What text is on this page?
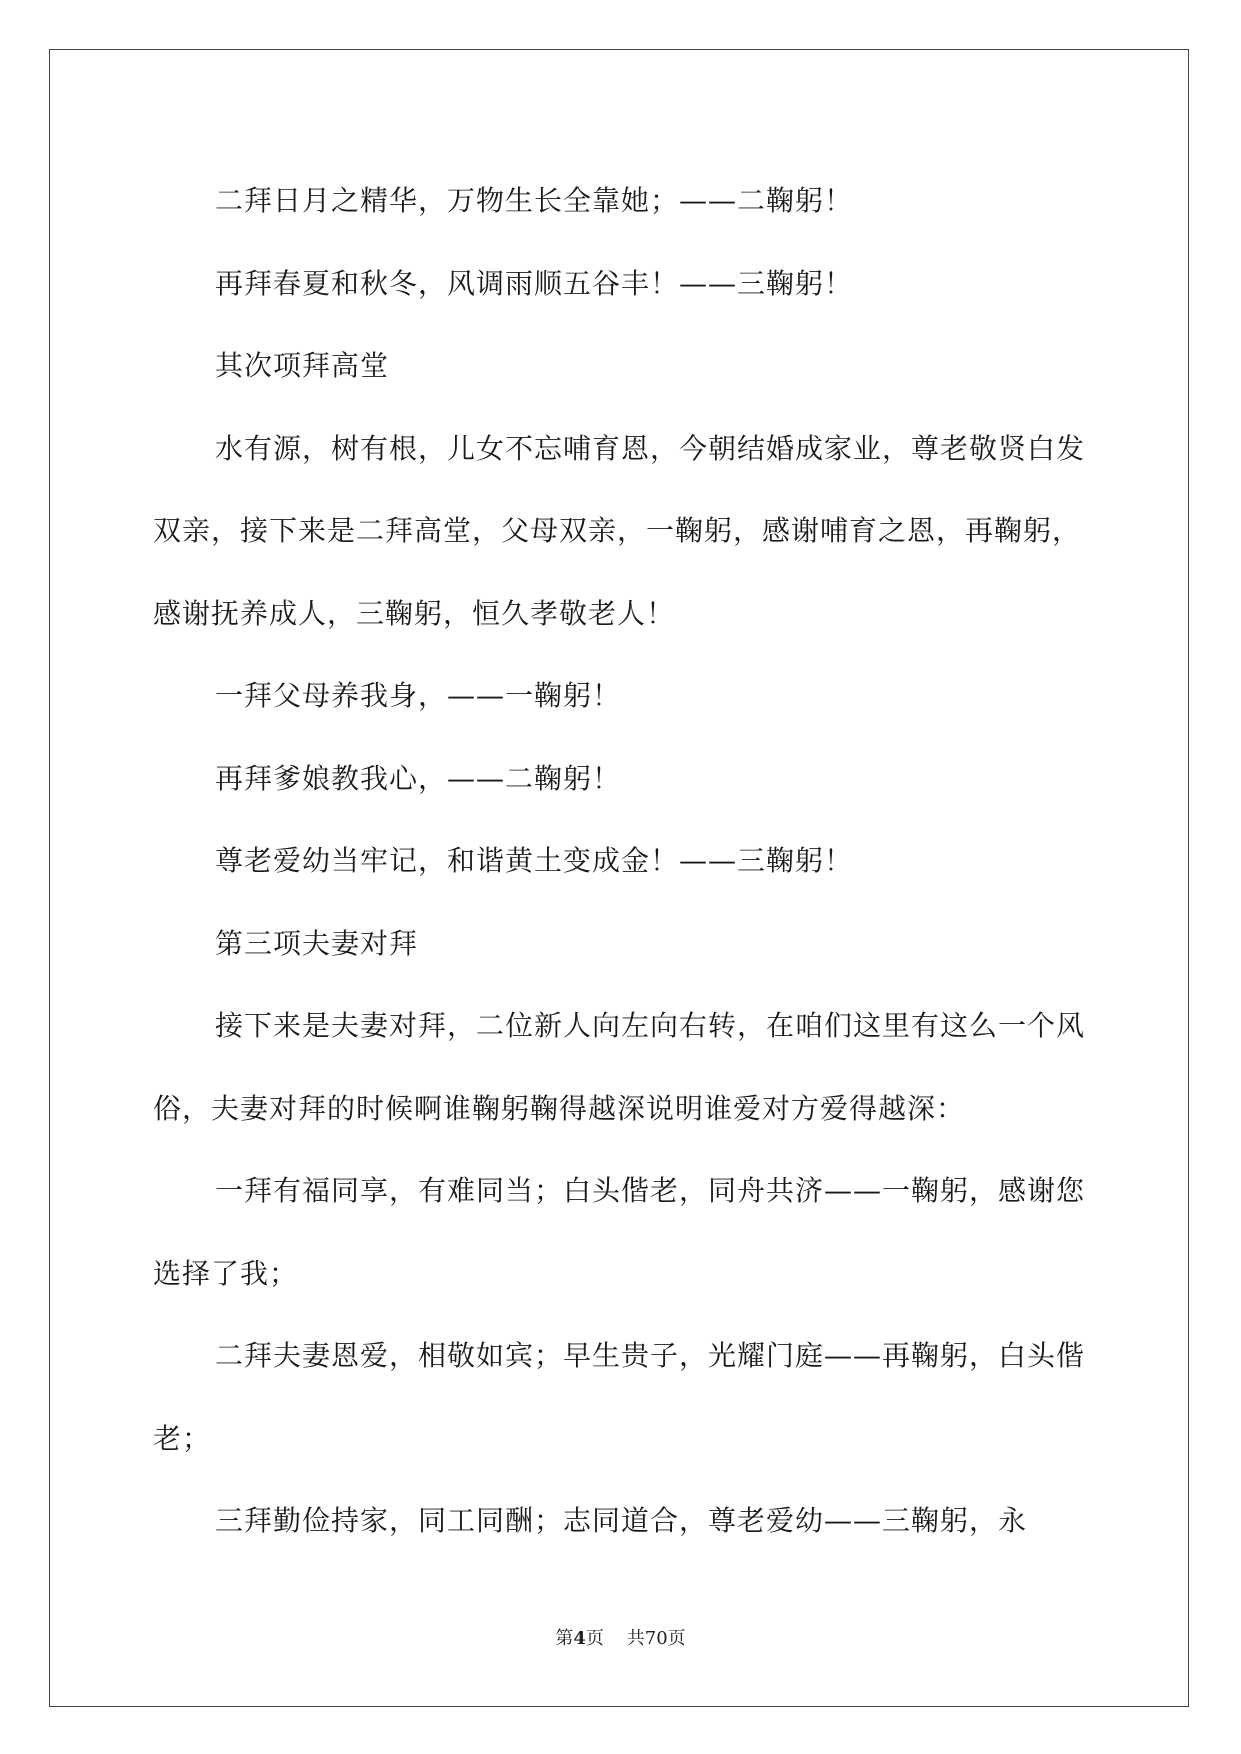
二拜日月之精华，万物生长全靠她；——二鞠躬！

再拜春夏和秋冬，风调雨顺五谷丰！——三鞠躬！

其次项拜高堂

水有源，树有根，儿女不忘哺育恩，今朝结婚成家业，尊老敬贤白发双亲，接下来是二拜高堂，父母双亲，一鞠躬，感谢哺育之恩，再鞠躬，感谢抚养成人，三鞠躬，恒久孝敬老人！

一拜父母养我身，——一鞠躬！

再拜爹娘教我心，——二鞠躬！

尊老爱幼当牢记，和谐黄土变成金！——三鞠躬！

第三项夫妻对拜

接下来是夫妻对拜，二位新人向左向右转，在咱们这里有这么一个风俗，夫妻对拜的时候啊谁鞠躬鞠得越深说明谁爱对方爱得越深：

一拜有福同享，有难同当；白头偕老，同舟共济——一鞠躬，感谢您选择了我；

二拜夫妻恩爱，相敬如宾；早生贵子，光耀门庭——再鞠躬，白头偕老；

三拜勤俭持家，同工同酬；志同道合，尊老爱幼——三鞠躬，永

第4页 共70页
